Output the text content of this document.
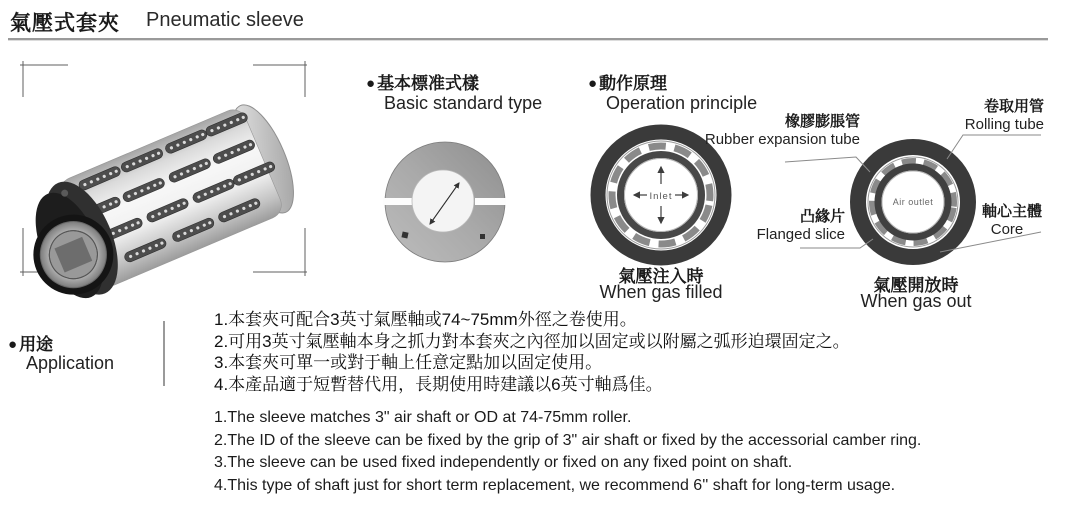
氣壓式套夾 Pneumatic sleeve
● 基本標准式樣
Basic standard type
● 動作原理
Operation principle
Inlet	Air outlet
橡膠膨脹管
Rubber expansion tube
凸緣片
Flanged slice
卷取用管
Rolling tube
軸心主體
Core
氣壓注入時
When gas filled	氣壓開放時
When gas out
● 用途
Application
1.本套夾可配合3英寸氣壓軸或74~75mm外徑之卷使用。
2.可用3英寸氣壓軸本身之抓力對本套夾之內徑加以固定或以附屬之弧形迫環固定之。
3.本套夾可單一或對于軸上任意定點加以固定使用。
4.本產品適于短暫替代用，長期使用時建議以6英寸軸爲佳。
1.The sleeve matches 3" air shaft or OD at 74-75mm roller.
2.The ID of the sleeve can be fixed by the grip of 3" air shaft or fixed by the accessorial camber ring.
3.The sleeve can be used fixed independently or fixed on any fixed point on shaft.
4.This type of shaft just for short term replacement, we recommend 6'' shaft for long-term usage.
